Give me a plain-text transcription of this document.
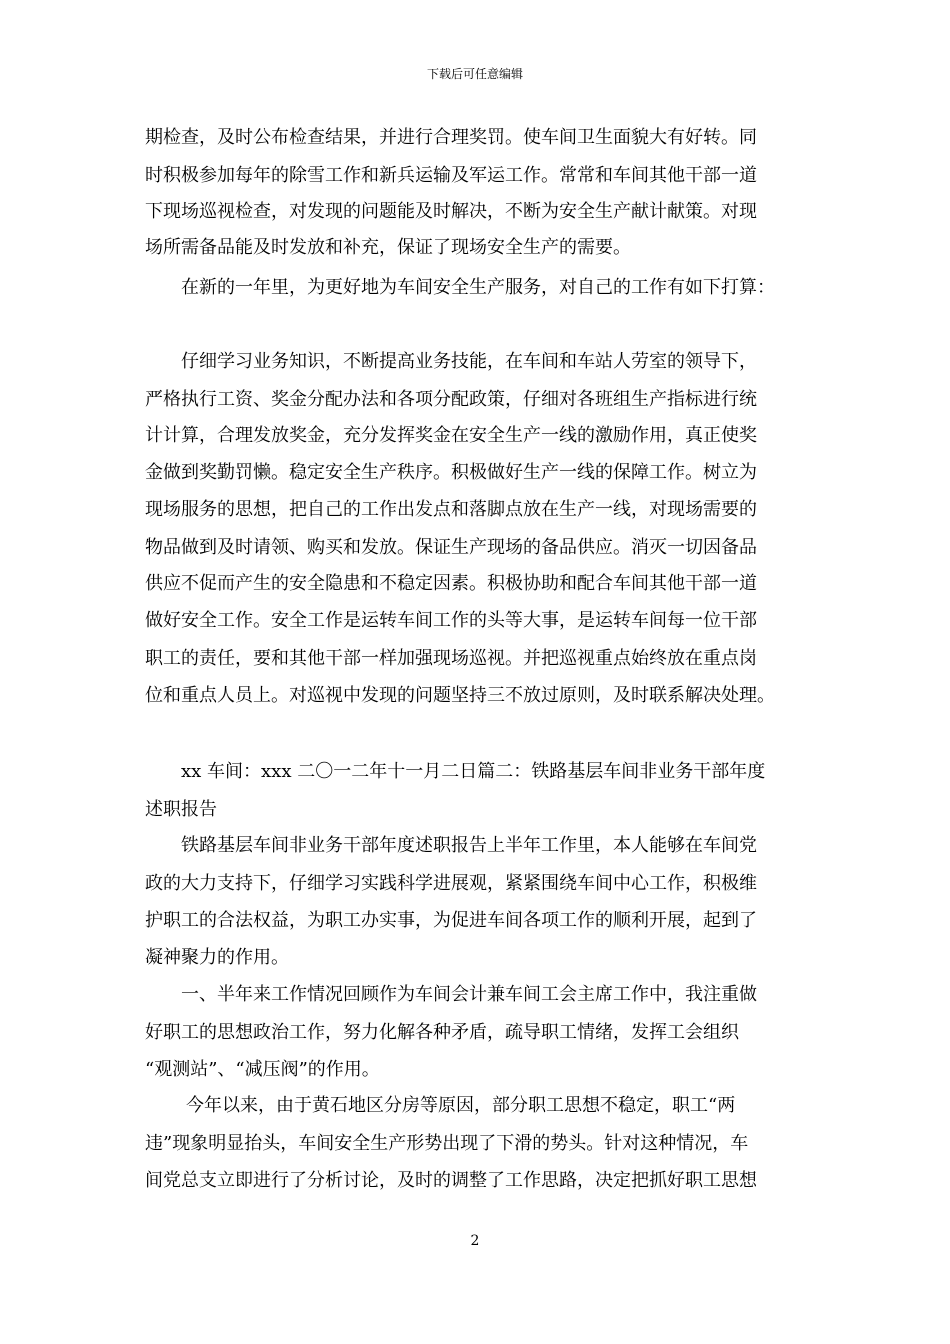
下载后可任意编辑
期检查，及时公布检查结果，并进行合理奖罚。使车间卫生面貌大有好转。同
时积极参加每年的除雪工作和新兵运输及军运工作。常常和车间其他干部一道
下现场巡视检查，对发现的问题能及时解决，不断为安全生产献计献策。对现
场所需备品能及时发放和补充，保证了现场安全生产的需要。
在新的一年里，为更好地为车间安全生产服务，对自己的工作有如下打算：
仔细学习业务知识，不断提高业务技能，在车间和车站人劳室的领导下，
严格执行工资、奖金分配办法和各项分配政策，仔细对各班组生产指标进行统
计计算，合理发放奖金，充分发挥奖金在安全生产一线的激励作用，真正使奖
金做到奖勤罚懒。稳定安全生产秩序。积极做好生产一线的保障工作。树立为
现场服务的思想，把自己的工作出发点和落脚点放在生产一线，对现场需要的
物品做到及时请领、购买和发放。保证生产现场的备品供应。消灭一切因备品
供应不促而产生的安全隐患和不稳定因素。积极协助和配合车间其他干部一道
做好安全工作。安全工作是运转车间工作的头等大事，是运转车间每一位干部
职工的责任，要和其他干部一样加强现场巡视。并把巡视重点始终放在重点岗
位和重点人员上。对巡视中发现的问题坚持三不放过原则，及时联系解决处理。
xx 车间：xxx 二〇一二年十一月二日篇二：铁路基层车间非业务干部年度
述职报告
铁路基层车间非业务干部年度述职报告上半年工作里，本人能够在车间党
政的大力支持下，仔细学习实践科学进展观，紧紧围绕车间中心工作，积极维
护职工的合法权益，为职工办实事，为促进车间各项工作的顺利开展，起到了
凝神聚力的作用。
一、半年来工作情况回顾作为车间会计兼车间工会主席工作中，我注重做
好职工的思想政治工作，努力化解各种矛盾，疏导职工情绪，发挥工会组织
“观测站”、“减压阀”的作用。
今年以来，由于黄石地区分房等原因，部分职工思想不稳定，职工“两
违”现象明显抬头，车间安全生产形势出现了下滑的势头。针对这种情况，车
间党总支立即进行了分析讨论，及时的调整了工作思路，决定把抓好职工思想
2
